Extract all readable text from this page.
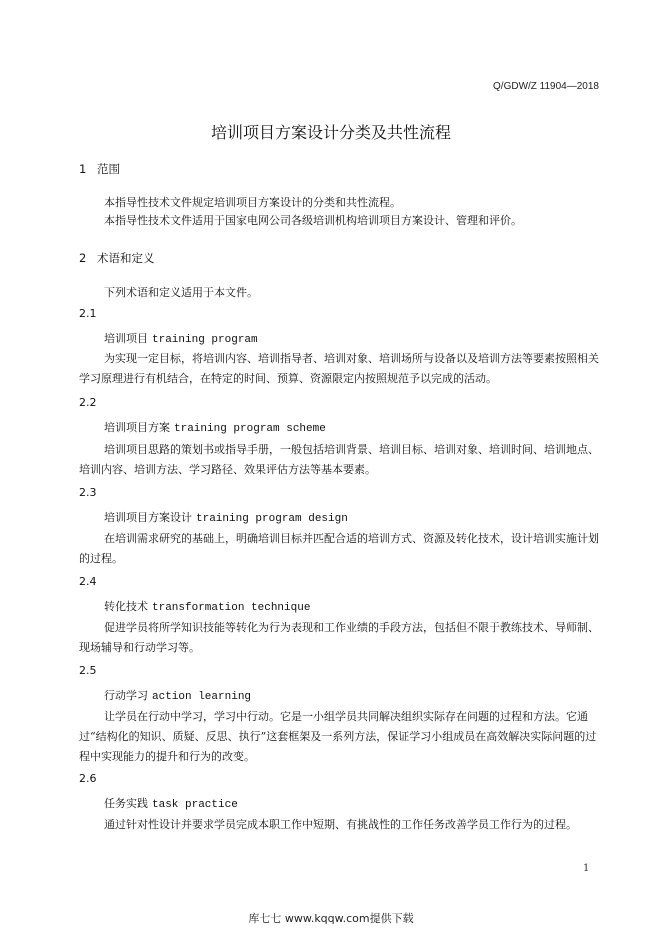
Q/GDW/Z 11904—2018
培训项目方案设计分类及共性流程
1 范围
本指导性技术文件规定培训项目方案设计的分类和共性流程。
本指导性技术文件适用于国家电网公司各级培训机构培训项目方案设计、管理和评价。
2 术语和定义
下列术语和定义适用于本文件。
2.1
培训项目 training program
为实现一定目标，将培训内容、培训指导者、培训对象、培训场所与设备以及培训方法等要素按照相关学习原理进行有机结合，在特定的时间、预算、资源限定内按照规范予以完成的活动。
2.2
培训项目方案 training program scheme
培训项目思路的策划书或指导手册，一般包括培训背景、培训目标、培训对象、培训时间、培训地点、培训内容、培训方法、学习路径、效果评估方法等基本要素。
2.3
培训项目方案设计 training program design
在培训需求研究的基础上，明确培训目标并匹配合适的培训方式、资源及转化技术，设计培训实施计划的过程。
2.4
转化技术 transformation technique
促进学员将所学知识技能等转化为行为表现和工作业绩的手段方法，包括但不限于教练技术、导师制、现场辅导和行动学习等。
2.5
行动学习 action learning
让学员在行动中学习，学习中行动。它是一小组学员共同解决组织实际存在问题的过程和方法。它通过“结构化的知识、质疑、反思、执行”这套框架及一系列方法，保证学习小组成员在高效解决实际问题的过程中实现能力的提升和行为的改变。
2.6
任务实践 task practice
通过针对性设计并要求学员完成本职工作中短期、有挑战性的工作任务改善学员工作行为的过程。
1
库七七 www.kqqw.com提供下载
